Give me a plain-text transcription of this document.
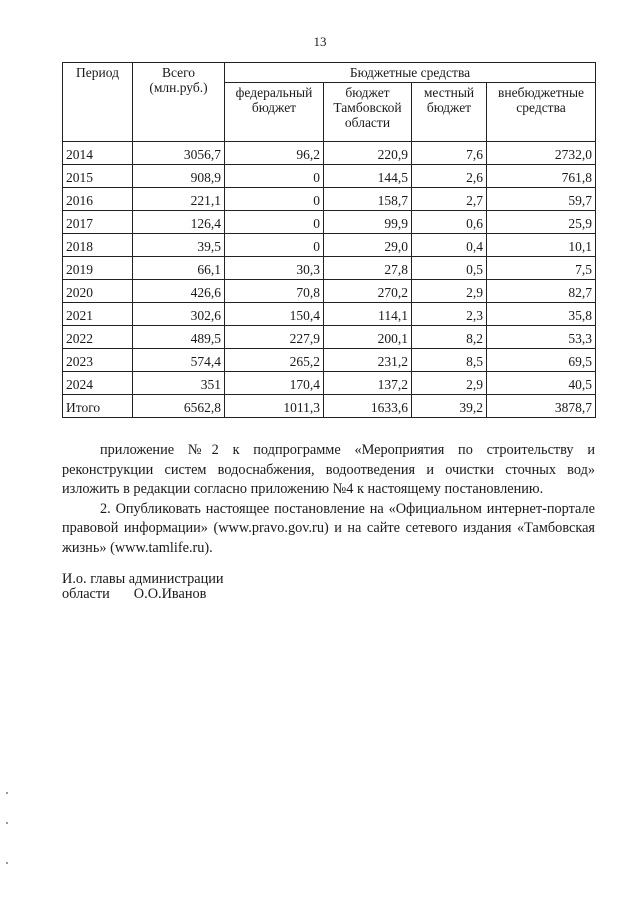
13
Период	Всего (млн.руб.)	Бюджетные средства			
		федеральный бюджет	бюджет Тамбовской области	местный бюджет	внебюджетные средства
2014	3056,7	96,2	220,9	7,6	2732,0
2015	908,9	0	144,5	2,6	761,8
2016	221,1	0	158,7	2,7	59,7
2017	126,4	0	99,9	0,6	25,9
2018	39,5	0	29,0	0,4	10,1
2019	66,1	30,3	27,8	0,5	7,5
2020	426,6	70,8	270,2	2,9	82,7
2021	302,6	150,4	114,1	2,3	35,8
2022	489,5	227,9	200,1	8,2	53,3
2023	574,4	265,2	231,2	8,5	69,5
2024	351	170,4	137,2	2,9	40,5
Итого	6562,8	1011,3	1633,6	39,2	3878,7

приложение №2 к подпрограмме «Мероприятия по строительству и реконструкции систем водоснабжения, водоотведения и очистки сточных вод» изложить в редакции согласно приложению №4 к настоящему постановлению.

2. Опубликовать настоящее постановление на «Официальном интернет-портале правовой информации» (www.pravo.gov.ru) и на сайте сетевого издания «Тамбовская жизнь» (www.tamlife.ru).

И.о. главы администрации
области О.О.Иванов
